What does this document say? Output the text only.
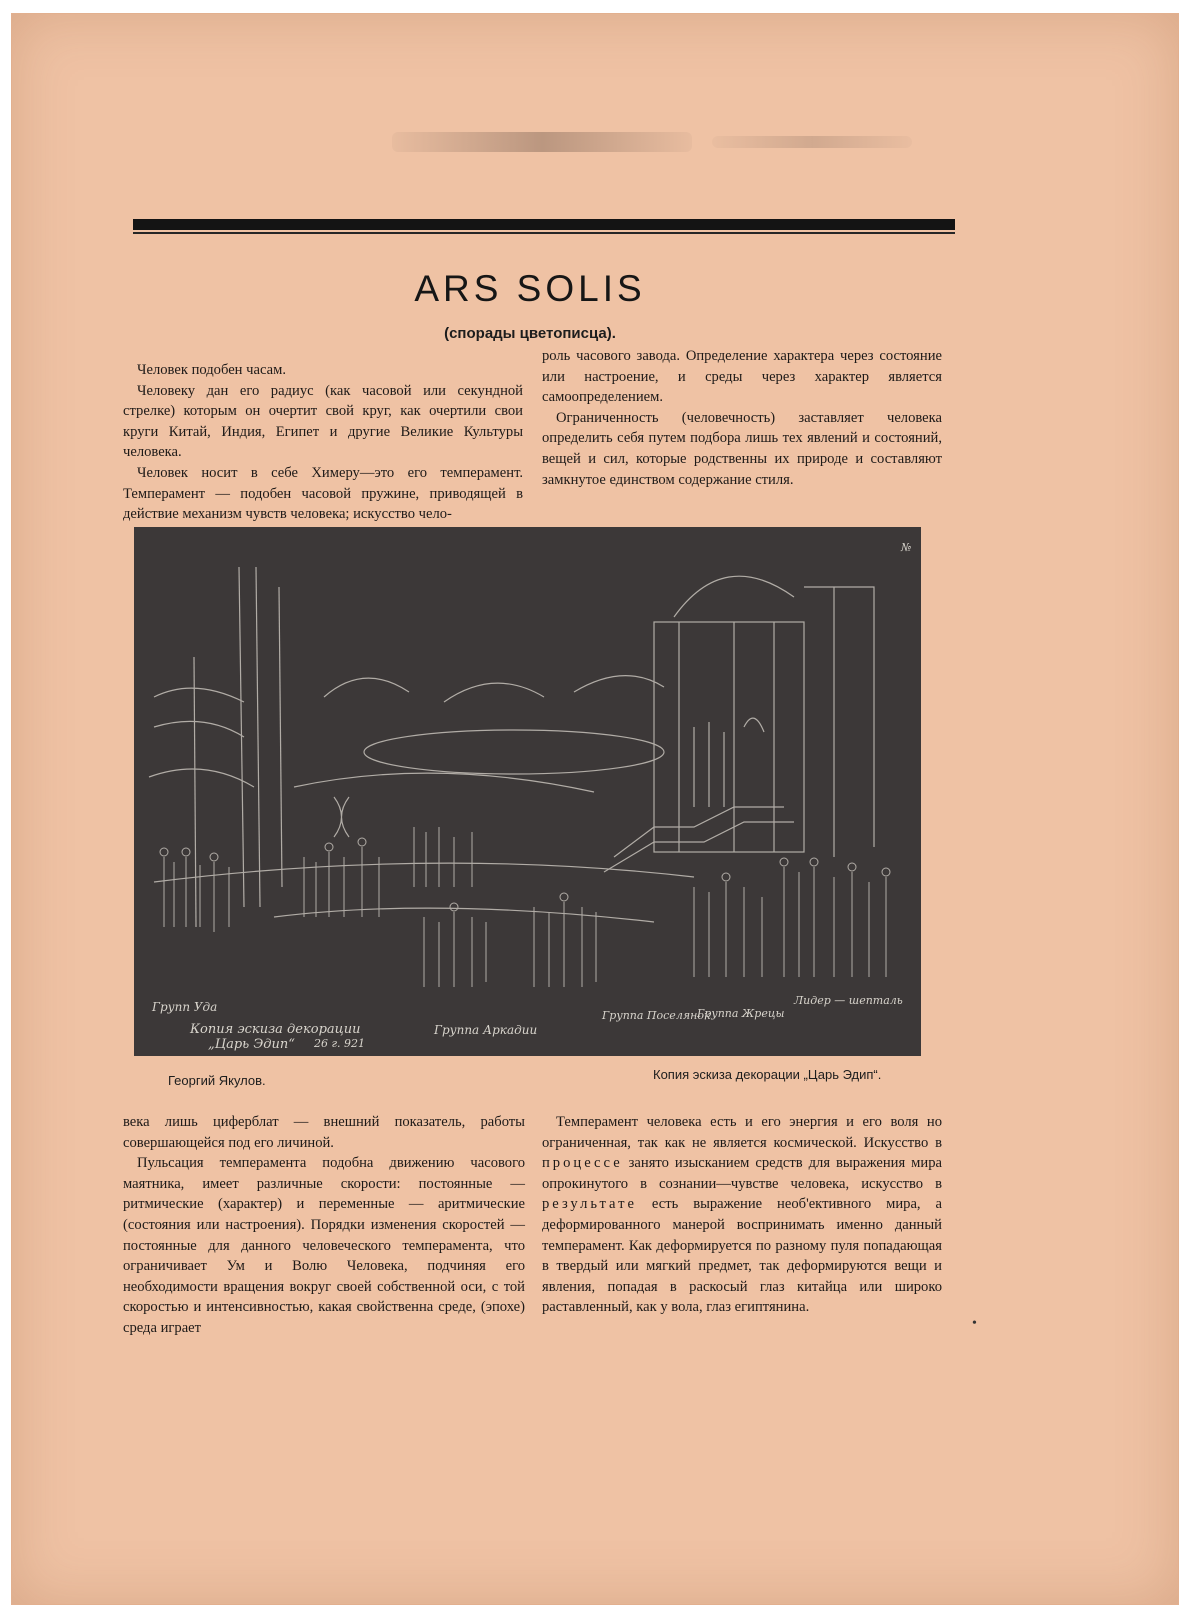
ARS SOLIS
(спорады цветописца).

Человек подобен часам.

Человеку дан его радиус (как часовой или секундной стрелке) которым он очертит свой круг, как очертили свои круги Китай, Индия, Египет и другие Великие Культуры человека.

Человек носит в себе Химеру—это его темперамент. Темперамент — подобен часовой пружине, приводящей в действие механизм чувств человека; искусство чело-

роль часового завода. Определение характера через состояние или настроение, и среды через характер является самоопределением.

Ограниченность (человечность) заставляет человека определить себя путем подбора лишь тех явлений и состояний, вещей и сил, которые родственны их природе и составляют замкнутое единством содержание стиля.

Групп Уда
Копия эскиза декорации
„Царь Эдип“ 26 г. 921
Группа Аркадии
Группа Поселянок
Группа Жрецы
Лидер — шепталь
№
Георгий Якулов.	Копия эскиза декорации „Царь Эдип“.

века лишь циферблат — внешний показатель, работы совершающейся под его личиной.

Пульсация темперамента подобна движению часового маятника, имеет различные скорости: постоянные — ритмические (характер) и переменные — аритмические (состояния или настроения). Порядки изменения скоростей — постоянные для данного человеческого темперамента, что ограничивает Ум и Волю Человека, подчиняя его необходимости вращения вокруг своей собственной оси, с той скоростью и интенсивностью, какая свойственна среде, (эпохе) среда играет

Темперамент человека есть и его энергия и его воля но ограниченная, так как не является космической. Искусство в процессе занято изысканием средств для выражения мира опрокинутого в сознании—чувстве человека, искусство в результате есть выражение необ'ективного мира, а деформированного манерой воспринимать именно данный темперамент. Как деформируется по разному пуля попадающая в твердый или мягкий предмет, так деформируются вещи и явления, попадая в раскосый глаз китайца или широко раставленный, как у вола, глаз египтянина.

•
